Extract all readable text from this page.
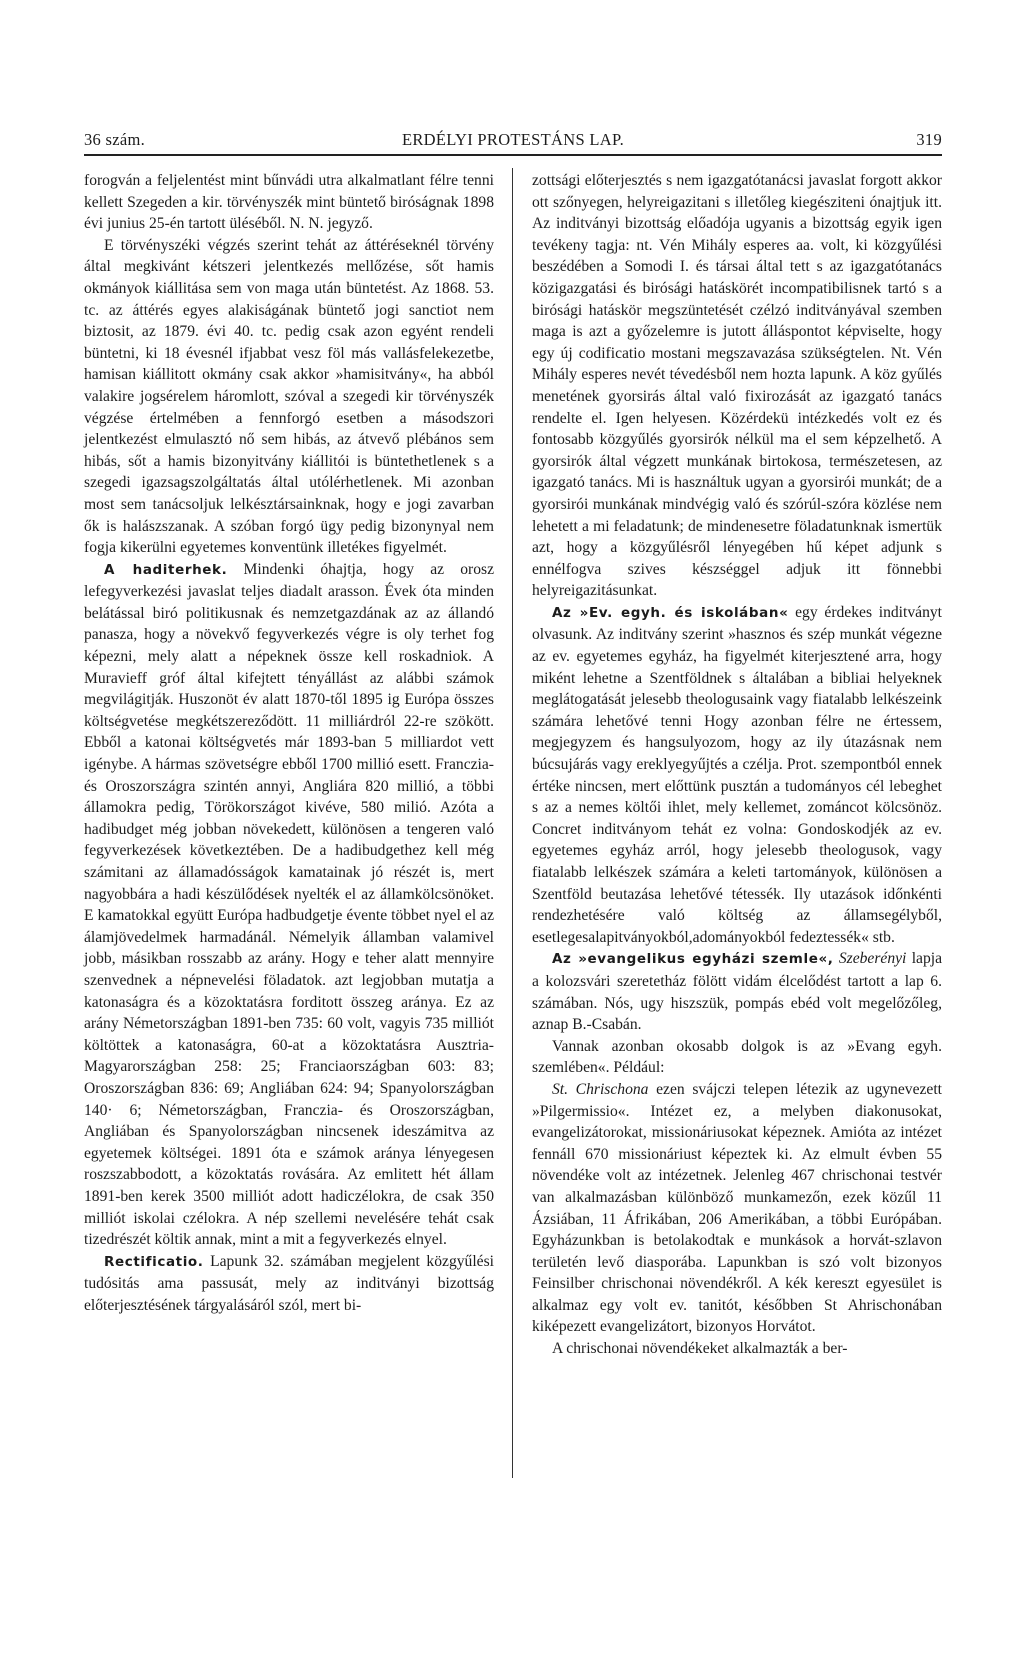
36 szám.	ERDÉLYI PROTESTÁNS LAP.	319

forogván a feljelentést mint bűnvádi utra alkalmatlant félre tenni kellett Szegeden a kir. törvényszék mint büntető biróságnak 1898 évi junius 25-én tartott üléséből. N. N. jegyző.

E törvényszéki végzés szerint tehát az áttéréseknél törvény által megkivánt kétszeri jelentkezés mellőzése, sőt hamis okmányok kiállitása sem von maga után büntetést. Az 1868. 53. tc. az áttérés egyes alakiságának büntető jogi sanctiot nem biztosit, az 1879. évi 40. tc. pedig csak azon egyént rendeli büntetni, ki 18 évesnél ifjabbat vesz föl más vallásfelekezetbe, hamisan kiállitott okmány csak akkor »hamisitvány«, ha abból valakire jogsérelem háromlott, szóval a szegedi kir törvényszék végzése értelmében a fennforgó esetben a másodszori jelentkezést elmulasztó nő sem hibás, az átvevő plébános sem hibás, sőt a hamis bizonyitvány kiállitói is büntethetlenek s a szegedi igazsagszolgáltatás által utólérhetlenek. Mi azonban most sem tanácsoljuk lelkésztársainknak, hogy e jogi zavarban ők is halászszanak. A szóban forgó ügy pedig bizonynyal nem fogja kikerülni egyetemes konventünk illetékes figyelmét.

A haditerhek. Mindenki óhajtja, hogy az orosz lefegyverkezési javaslat teljes diadalt arasson. Évek óta minden belátással biró politikusnak és nemzetgazdának az az állandó panasza, hogy a növekvő fegyverkezés végre is oly terhet fog képezni, mely alatt a népeknek össze kell roskadniok. A Muravieff gróf által kifejtett tényállást az alábbi számok megvilágitják. Huszonöt év alatt 1870-től 1895 ig Európa összes költségvetése megkétszereződött. 11 milliárdról 22-re szökött. Ebből a katonai költségvetés már 1893-ban 5 milliardot vett igénybe. A hármas szövetségre ebből 1700 millió esett. Franczia- és Oroszországra szintén annyi, Angliára 820 millió, a többi államokra pedig, Törökországot kivéve, 580 milió. Azóta a hadibudget még jobban növekedett, különösen a tengeren való fegyverkezések következtében. De a hadibudgethez kell még számitani az államadósságok kamatainak jó részét is, mert nagyobbára a hadi készülődések nyelték el az államkölcsönöket. E kamatokkal együtt Európa hadbudgetje évente többet nyel el az álamjövedelmek harmadánál. Némelyik államban valamivel jobb, másikban rosszabb az arány. Hogy e teher alatt mennyire szenvednek a népnevelési föladatok. azt legjobban mutatja a katonaságra és a közoktatásra forditott összeg aránya. Ez az arány Németországban 1891-ben 735: 60 volt, vagyis 735 milliót költöttek a katonaságra, 60-at a közoktatásra Ausztria-Magyarországban 258: 25; Franciaországban 603: 83; Oroszországban 836: 69; Angliában 624: 94; Spanyolországban 140· 6; Németországban, Franczia- és Oroszországban, Angliában és Spanyolországban nincsenek ideszámitva az egyetemek költségei. 1891 óta e számok aránya lényegesen roszszabbodott, a közoktatás rovására. Az emlitett hét állam 1891-ben kerek 3500 milliót adott hadiczélokra, de csak 350 milliót iskolai czélokra. A nép szellemi nevelésére tehát csak tizedrészét költik annak, mint a mit a fegyverkezés elnyel.

Rectificatio. Lapunk 32. számában megjelent közgyűlési tudósitás ama passusát, mely az inditványi bizottság előterjesztésének tárgyalásáról szól, mert bi-

zottsági előterjesztés s nem igazgatótanácsi javaslat forgott akkor ott szőnyegen, helyreigazitani s illetőleg kiegésziteni ónajtjuk itt. Az inditványi bizottság előadója ugyanis a bizottság egyik igen tevékeny tagja: nt. Vén Mihály esperes aa. volt, ki közgyűlési beszédében a Somodi I. és társai által tett s az igazgatótanács közigazgatási és birósági hatáskörét incompatibilisnek tartó s a birósági hatáskör megszüntetését czélzó inditványával szemben maga is azt a győzelemre is jutott álláspontot képviselte, hogy egy új codificatio mostani megszavazása szükségtelen. Nt. Vén Mihály esperes nevét tévedésből nem hozta lapunk. A köz gyűlés menetének gyorsirás által való fixirozását az igazgató tanács rendelte el. Igen helyesen. Közérdekü intézkedés volt ez és fontosabb közgyűlés gyorsirók nélkül ma el sem képzelhető. A gyorsirók által végzett munkának birtokosa, természetesen, az igazgató tanács. Mi is használtuk ugyan a gyorsirói munkát; de a gyorsirói munkának mindvégig való és szórúl-szóra közlése nem lehetett a mi feladatunk; de mindenesetre föladatunknak ismertük azt, hogy a közgyűlésről lényegében hű képet adjunk s ennélfogva szives készséggel adjuk itt fönnebbi helyreigazitásunkat.

Az »Ev. egyh. és iskolában« egy érdekes inditványt olvasunk. Az inditvány szerint »hasznos és szép munkát végezne az ev. egyetemes egyház, ha figyelmét kiterjesztené arra, hogy miként lehetne a Szentföldnek s általában a bibliai helyeknek meglátogatását jelesebb theologusaink vagy fiatalabb lelkészeink számára lehetővé tenni Hogy azonban félre ne értessem, megjegyzem és hangsulyozom, hogy az ily útazásnak nem búcsujárás vagy ereklyegyűjtés a czélja. Prot. szempontból ennek értéke nincsen, mert előttünk pusztán a tudományos cél lebeghet s az a nemes költői ihlet, mely kellemet, zománcot kölcsönöz. Concret inditványom tehát ez volna: Gondoskodjék az ev. egyetemes egyház arról, hogy jelesebb theologusok, vagy fiatalabb lelkészek számára a keleti tartományok, különösen a Szentföld beutazása lehetővé tétessék. Ily utazások időnkénti rendezhetésére való költség az államsegélyből, esetlegesalapitványokból,adományokból fedeztessék« stb.

Az »evangelikus egyházi szemle«, Szeberényi lapja a kolozsvári szeretetház fölött vidám élcelődést tartott a lap 6. számában. Nós, ugy hiszszük, pompás ebéd volt megelőzőleg, aznap B.-Csabán.

Vannak azonban okosabb dolgok is az »Evang egyh. szemlében«. Például:

St. Chrischona ezen svájczi telepen létezik az ugynevezett »Pilgermissio«. Intézet ez, a melyben diakonusokat, evangelizátorokat, missionáriusokat képeznek. Amióta az intézet fennáll 670 missionáriust képeztek ki. Az elmult évben 55 növendéke volt az intézetnek. Jelenleg 467 chrischonai testvér van alkalmazásban különböző munkamezőn, ezek közűl 11 Ázsiában, 11 Áfrikában, 206 Amerikában, a többi Európában. Egyházunkban is betolakodtak e munkások a horvát-szlavon területén levő diasporába. Lapunkban is szó volt bizonyos Feinsilber chrischonai növendékről. A kék kereszt egyesület is alkalmaz egy volt ev. tanitót, későbben St Ahrischonában kiképezett evangelizátort, bizonyos Horvátot.

A chrischonai növendékeket alkalmazták a ber-
